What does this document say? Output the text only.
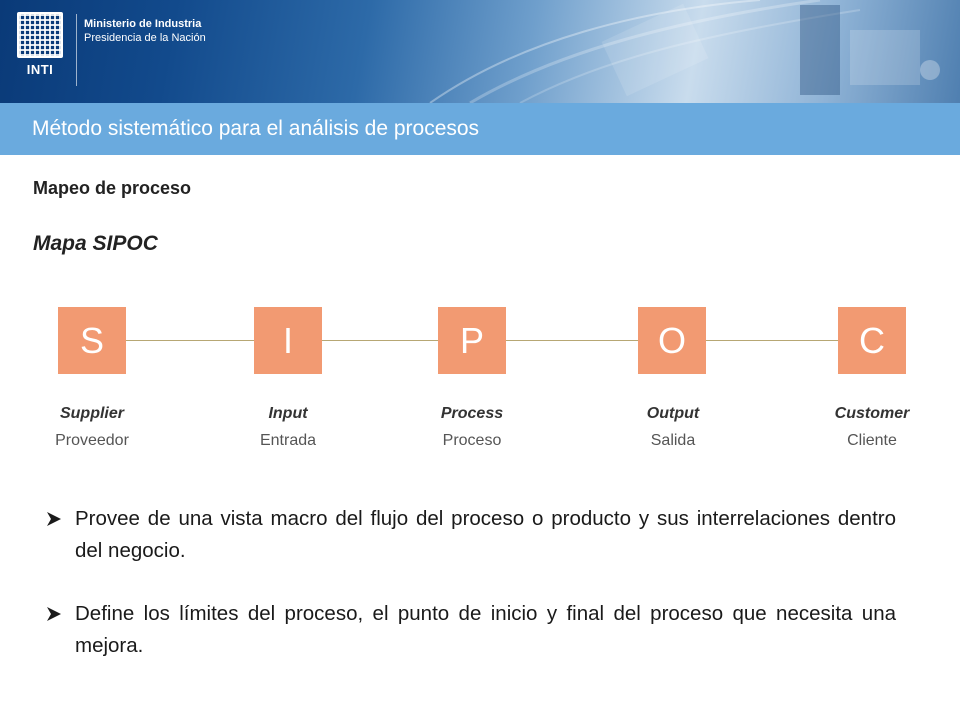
INTI
Ministerio de Industria
Presidencia de la Nación
Método sistemático para el análisis de procesos
Mapeo de proceso
Mapa SIPOC
S	I	P	O	C
Supplier
Proveedor
Input
Entrada
Process
Proceso
Output
Salida
Customer
Cliente
Provee de una vista macro del flujo del proceso o producto y sus interrelaciones dentro del negocio.
Define los límites del proceso, el punto de inicio y final del proceso que necesita una mejora.
